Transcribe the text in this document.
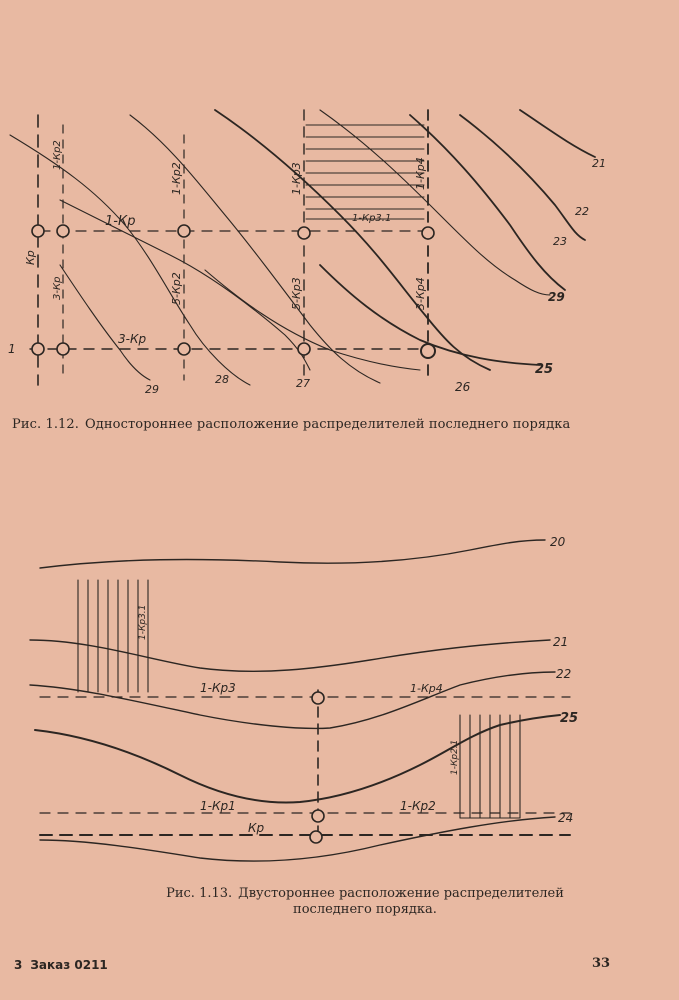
1-Кр
3-Кр
1-Кр3.1
1
Кр
3-Кр
1-Кр2
1-Кр2
5-Кр2
1-Кр3
5-Кр3
1-Кр4
3-Кр4
29
28	27	26
25
29
23
22
21
Рис. 1.12. Одностороннее расположение распределителей последнего порядка
1-Кр3	1-Кр4
1-Кр1	1-Кр2
Кр
1-Кр3.1
1-Кр2.1
20
21
22
25
24
Рис. 1.13. Двустороннее расположение распределителей последнего порядка.
3 Заказ 0211	33
